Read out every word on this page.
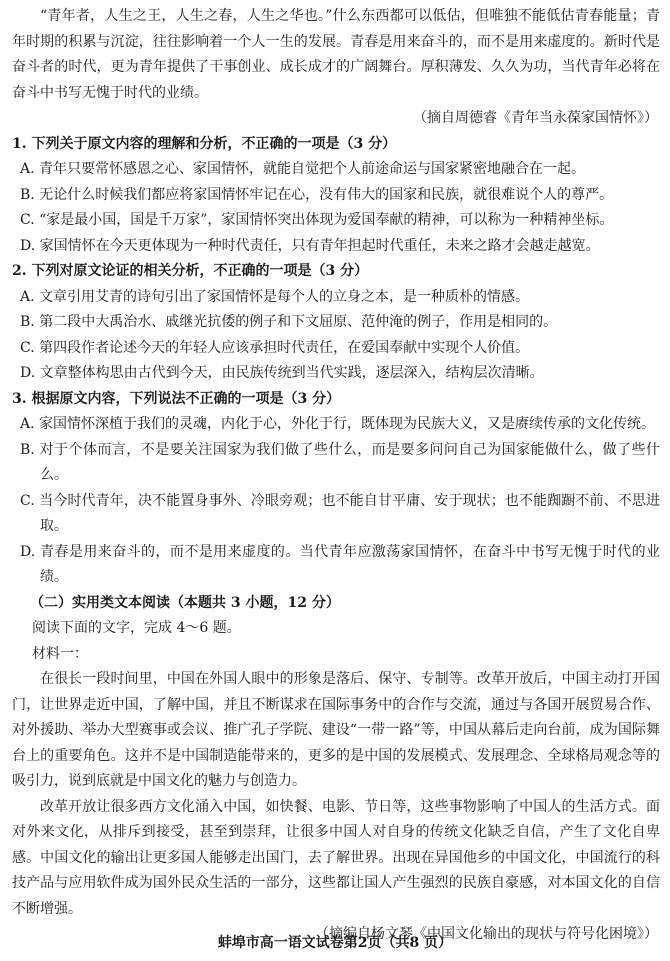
“青年者，人生之王，人生之春，人生之华也。”什么东西都可以低估，但唯独不能低估青春能量；青年时期的积累与沉淀，往往影响着一个人一生的发展。青春是用来奋斗的，而不是用来虚度的。新时代是奋斗者的时代，更为青年提供了干事创业、成长成才的广阔舞台。厚积薄发、久久为功，当代青年必将在奋斗中书写无愧于时代的业绩。

（摘自周德睿《青年当永葆家国情怀》）

1. 下列关于原文内容的理解和分析，不正确的一项是（3 分）

A. 青年只要常怀感恩之心、家国情怀，就能自觉把个人前途命运与国家紧密地融合在一起。

B. 无论什么时候我们都应将家国情怀牢记在心，没有伟大的国家和民族，就很难说个人的尊严。

C. “家是最小国，国是千万家”，家国情怀突出体现为爱国奉献的精神，可以称为一种精神坐标。

D. 家国情怀在今天更体现为一种时代责任，只有青年担起时代重任，未来之路才会越走越宽。

2. 下列对原文论证的相关分析，不正确的一项是（3 分）

A. 文章引用艾青的诗句引出了家国情怀是每个人的立身之本，是一种质朴的情感。

B. 第二段中大禹治水、戚继光抗倭的例子和下文屈原、范仲淹的例子，作用是相同的。

C. 第四段作者论述今天的年轻人应该承担时代责任，在爱国奉献中实现个人价值。

D. 文章整体构思由古代到今天，由民族传统到当代实践，逐层深入，结构层次清晰。

3. 根据原文内容，下列说法不正确的一项是（3 分）

A. 家国情怀深植于我们的灵魂，内化于心，外化于行，既体现为民族大义，又是赓续传承的文化传统。

B. 对于个体而言，不是要关注国家为我们做了些什么，而是要多问问自己为国家能做什么，做了些什么。

C. 当今时代青年，决不能置身事外、冷眼旁观；也不能自甘平庸、安于现状；也不能踟蹰不前、不思进取。

D. 青春是用来奋斗的，而不是用来虚度的。当代青年应激荡家国情怀，在奋斗中书写无愧于时代的业绩。

（二）实用类文本阅读（本题共 3 小题，12 分）

阅读下面的文字，完成 4～6 题。

材料一：

在很长一段时间里，中国在外国人眼中的形象是落后、保守、专制等。改革开放后，中国主动打开国门，让世界走近中国，了解中国，并且不断谋求在国际事务中的合作与交流，通过与各国开展贸易合作、对外援助、举办大型赛事或会议、推广孔子学院、建设“一带一路”等，中国从幕后走向台前，成为国际舞台上的重要角色。这并不是中国制造能带来的，更多的是中国的发展模式、发展理念、全球格局观念等的吸引力，说到底就是中国文化的魅力与创造力。

改革开放让很多西方文化涌入中国，如快餐、电影、节日等，这些事物影响了中国人的生活方式。面对外来文化，从排斥到接受，甚至到崇拜，让很多中国人对自身的传统文化缺乏自信，产生了文化自卑感。中国文化的输出让更多国人能够走出国门，去了解世界。出现在异国他乡的中国文化，中国流行的科技产品与应用软件成为国外民众生活的一部分，这些都让国人产生强烈的民族自豪感，对本国文化的自信不断增强。

（摘编自杨文琴《中国文化输出的现状与符号化困境》）

蚌埠市高一语文试卷第2页（共8 页）
